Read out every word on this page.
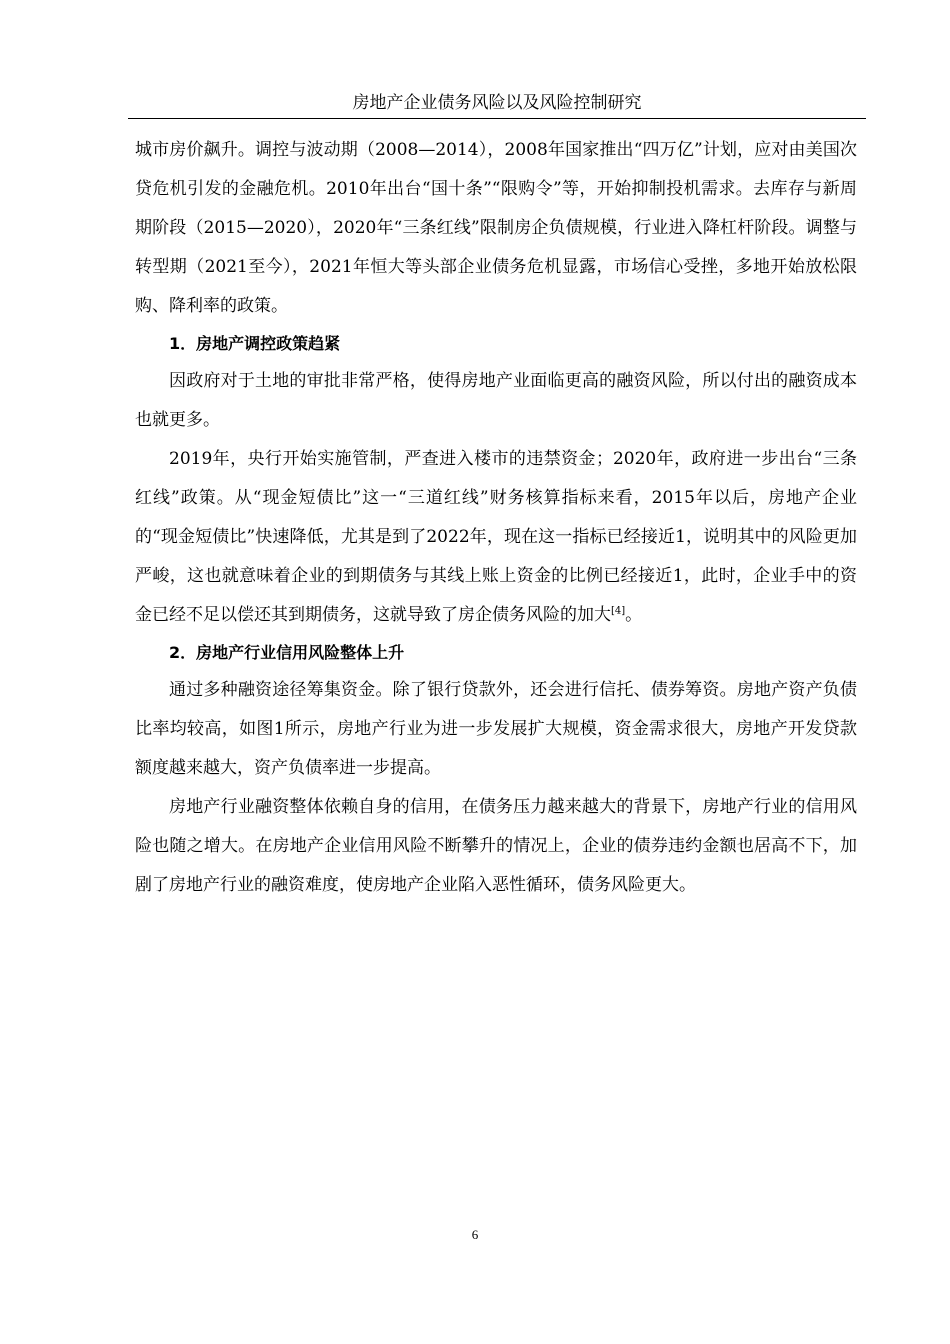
房地产企业债务风险以及风险控制研究

城市房价飙升。调控与波动期（2008—2014），2008年国家推出“四万亿”计划，应对由美国次贷危机引发的金融危机。2010年出台“国十条”“限购令”等，开始抑制投机需求。去库存与新周期阶段（2015—2020），2020年“三条红线”限制房企负债规模，行业进入降杠杆阶段。调整与转型期（2021至今），2021年恒大等头部企业债务危机显露，市场信心受挫，多地开始放松限购、降利率的政策。

1．房地产调控政策趋紧

因政府对于土地的审批非常严格，使得房地产业面临更高的融资风险，所以付出的融资成本也就更多。

2019年，央行开始实施管制，严查进入楼市的违禁资金；2020年，政府进一步出台“三条红线”政策。从“现金短债比”这一“三道红线”财务核算指标来看，2015年以后，房地产企业的“现金短债比”快速降低，尤其是到了2022年，现在这一指标已经接近1，说明其中的风险更加严峻，这也就意味着企业的到期债务与其线上账上资金的比例已经接近1，此时，企业手中的资金已经不足以偿还其到期债务，这就导致了房企债务风险的加大[4]。

2．房地产行业信用风险整体上升

通过多种融资途径筹集资金。除了银行贷款外，还会进行信托、债券筹资。房地产资产负债比率均较高，如图1所示，房地产行业为进一步发展扩大规模，资金需求很大，房地产开发贷款额度越来越大，资产负债率进一步提高。

房地产行业融资整体依赖自身的信用，在债务压力越来越大的背景下，房地产行业的信用风险也随之增大。在房地产企业信用风险不断攀升的情况上，企业的债券违约金额也居高不下，加剧了房地产行业的融资难度，使房地产企业陷入恶性循环，债务风险更大。

6
